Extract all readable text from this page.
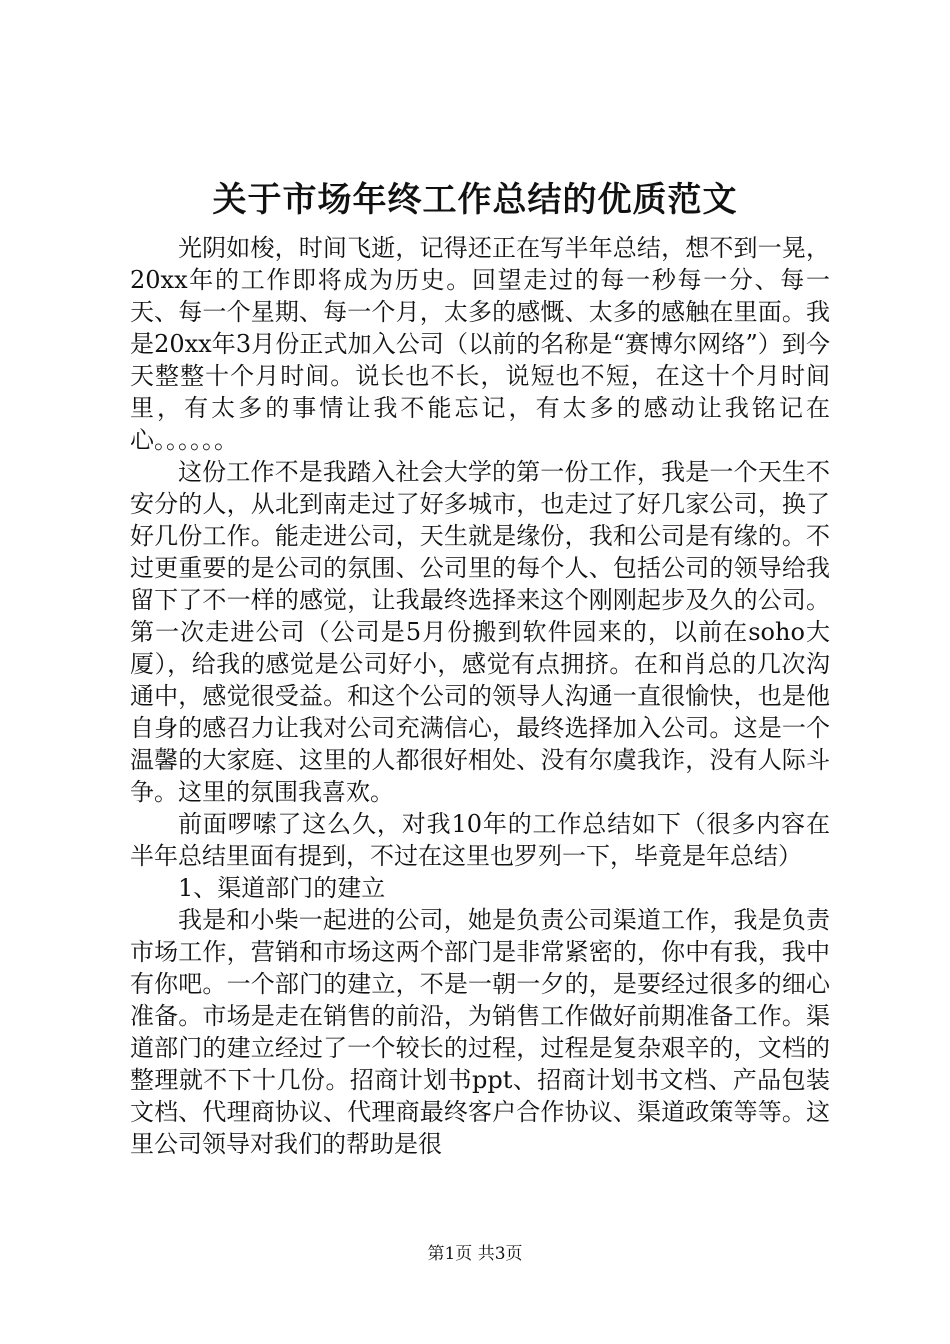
关于市场年终工作总结的优质范文

光阴如梭，时间飞逝，记得还正在写半年总结，想不到一晃，20xx年的工作即将成为历史。回望走过的每一秒每一分、每一天、每一个星期、每一个月，太多的感慨、太多的感触在里面。我是20xx年3月份正式加入公司（以前的名称是“赛博尔网络”）到今天整整十个月时间。说长也不长，说短也不短，在这十个月时间里，有太多的事情让我不能忘记，有太多的感动让我铭记在心。。。。。。

这份工作不是我踏入社会大学的第一份工作，我是一个天生不安分的人，从北到南走过了好多城市，也走过了好几家公司，换了好几份工作。能走进公司，天生就是缘份，我和公司是有缘的。不过更重要的是公司的氛围、公司里的每个人、包括公司的领导给我留下了不一样的感觉，让我最终选择来这个刚刚起步及久的公司。第一次走进公司（公司是5月份搬到软件园来的，以前在soho大厦），给我的感觉是公司好小，感觉有点拥挤。在和肖总的几次沟通中，感觉很受益。和这个公司的领导人沟通一直很愉快，也是他自身的感召力让我对公司充满信心，最终选择加入公司。这是一个温馨的大家庭、这里的人都很好相处、没有尔虞我诈，没有人际斗争。这里的氛围我喜欢。

前面啰嗦了这么久，对我10年的工作总结如下（很多内容在半年总结里面有提到，不过在这里也罗列一下，毕竟是年总结）

1、渠道部门的建立

我是和小柴一起进的公司，她是负责公司渠道工作，我是负责市场工作，营销和市场这两个部门是非常紧密的，你中有我，我中有你吧。一个部门的建立，不是一朝一夕的，是要经过很多的细心准备。市场是走在销售的前沿，为销售工作做好前期准备工作。渠道部门的建立经过了一个较长的过程，过程是复杂艰辛的，文档的整理就不下十几份。招商计划书ppt、招商计划书文档、产品包装文档、代理商协议、代理商最终客户合作协议、渠道政策等等。这里公司领导对我们的帮助是很

第1页 共3页
